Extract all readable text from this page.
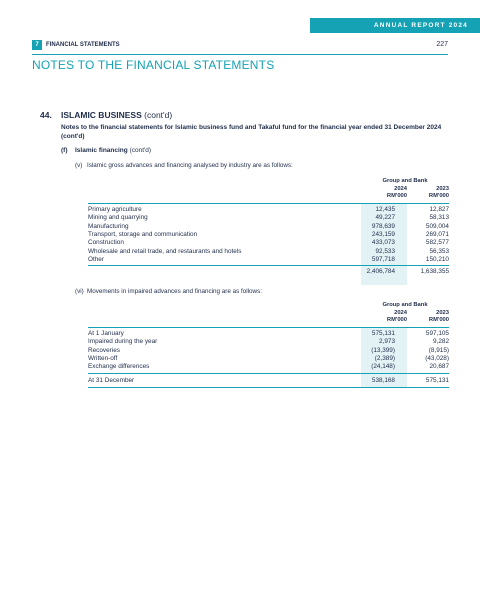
ANNUAL REPORT 2024
7	FINANCIAL STATEMENTS	227
NOTES TO THE FINANCIAL STATEMENTS
44. ISLAMIC BUSINESS (cont'd)
Notes to the financial statements for Islamic business fund and Takaful fund for the financial year ended 31 December 2024 (cont'd)
(f) Islamic financing (cont'd)
(v) Islamic gross advances and financing analysed by industry are as follows:
Group and Bank
2024
RM'000
2023
RM'000
Primary agriculture	12,435	12,827
Mining and quarrying	49,227	58,313
Manufacturing	978,639	509,004
Transport, storage and communication	243,159	269,071
Construction	433,073	582,577
Wholesale and retail trade, and restaurants and hotels	92,533	56,353
Other	597,718	150,210
2,406,784	1,638,355
(vi) Movements in impaired advances and financing are as follows:
Group and Bank
2024
RM'000
2023
RM'000
At 1 January	575,131	597,105
Impaired during the year	2,973	9,282
Recoveries	(13,399)	(8,915)
Written-off	(2,389)	(43,028)
Exchange differences	(24,148)	20,687
At 31 December	538,168	575,131
